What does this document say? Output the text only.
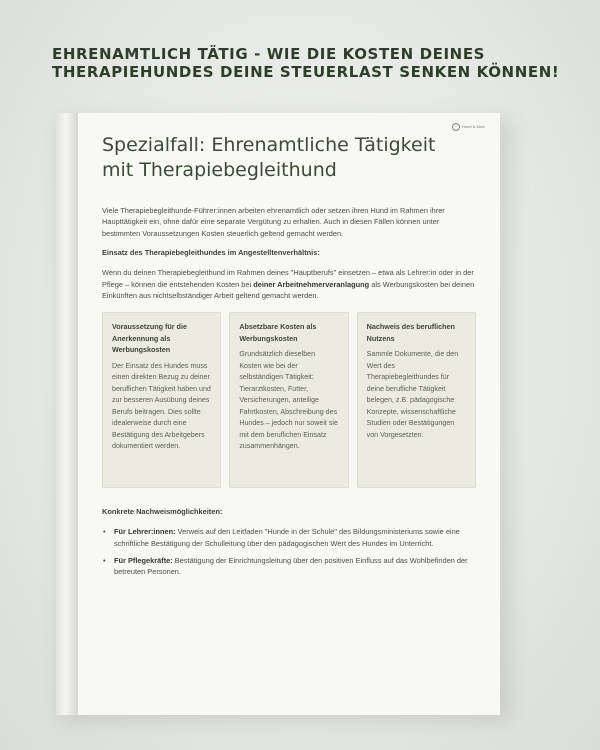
EHRENAMTLICH TÄTIG - WIE DIE KOSTEN DEINES
THERAPIEHUNDES DEINE STEUERLAST SENKEN KÖNNEN!
Hund & Kind
Spezialfall: Ehrenamtliche Tätigkeit
mit Therapiebegleithund

Viele Therapiebegleithunde-Führer:innen arbeiten ehrenamtlich oder setzen ihren Hund im Rahmen ihrer Haupttätigkeit ein, ohne dafür eine separate Vergütung zu erhalten. Auch in diesen Fällen können unter bestimmten Voraussetzungen Kosten steuerlich geltend gemacht werden.

Einsatz des Therapiebegleithundes im Angestelltenverhältnis:

Wenn du deinen Therapiebegleithund im Rahmen deines "Hauptberufs" einsetzen – etwa als Lehrer:in oder in der Pflege – können die entstehenden Kosten bei deiner Arbeitnehmerveranlagung als Werbungskosten bei deinen Einkünften aus nichtselbständiger Arbeit geltend gemacht werden.

Voraussetzung für die Anerkennung als Werbungskosten
Der Einsatz des Hundes muss einen direkten Bezug zu deiner beruflichen Tätigkeit haben und zur besseren Ausübung deines Berufs beitragen. Dies sollte idealerweise durch eine Bestätigung des Arbeitgebers dokumentiert werden.
Absetzbare Kosten als Werbungskosten
Grundsätzlich dieselben Kosten wie bei der selbständigen Tätigkeit: Tierarztkosten, Futter, Versicherungen, anteilige Fahrtkosten, Abschreibung des Hundes – jedoch nur soweit sie mit dem beruflichen Einsatz zusammenhängen.
Nachweis des beruflichen Nutzens
Sammle Dokumente, die den Wert des Therapiebegleithundes für deine berufliche Tätigkeit belegen, z.B. pädagogische Konzepte, wissenschaftliche Studien oder Bestätigungen von Vorgesetzten.

Konkrete Nachweismöglichkeiten:

• Für Lehrer:innen: Verweis auf den Leitfaden "Hunde in der Schule" des Bildungsministeriums sowie eine schriftliche Bestätigung der Schulleitung über den pädagogischen Wert des Hundes im Unterricht.
• Für Pflegekräfte: Bestätigung der Einrichtungsleitung über den positiven Einfluss auf das Wohlbefinden der betreuten Personen.
